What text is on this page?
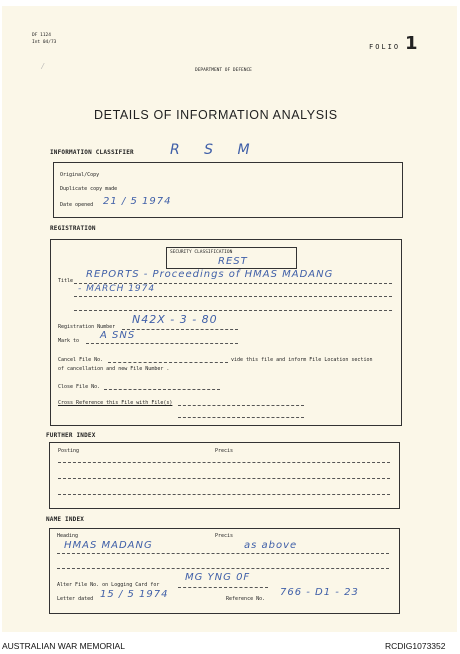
DF 1124
Int 04/73
⁄
FOLIO 1
DEPARTMENT OF DEFENCE
DETAILS OF INFORMATION ANALYSIS
INFORMATION CLASSIFIER	R S M
Original/Copy
Duplicate copy made
Date opened 21 / 5 1974
REGISTRATION
SECURITY CLASSIFICATION
REST
Title
REPORTS - Proceedings of HMAS MADANG
- MARCH 1974
Registration Number
N42X - 3 - 80
Mark to A SNS
Cancel File No.	vide this file and inform File Location section
of cancellation and new File Number .
Close File No.
Cross Reference this File with File(s)
FURTHER INDEX
Posting	Precis
NAME INDEX
Heading	Precis
HMAS MADANG	as above
Alter File No. on Logging Card for
MG YNG 0F
Letter dated 15 / 5 1974	Reference No.
766 - D1 - 23
AUSTRALIAN WAR MEMORIAL	RCDIG1073352
